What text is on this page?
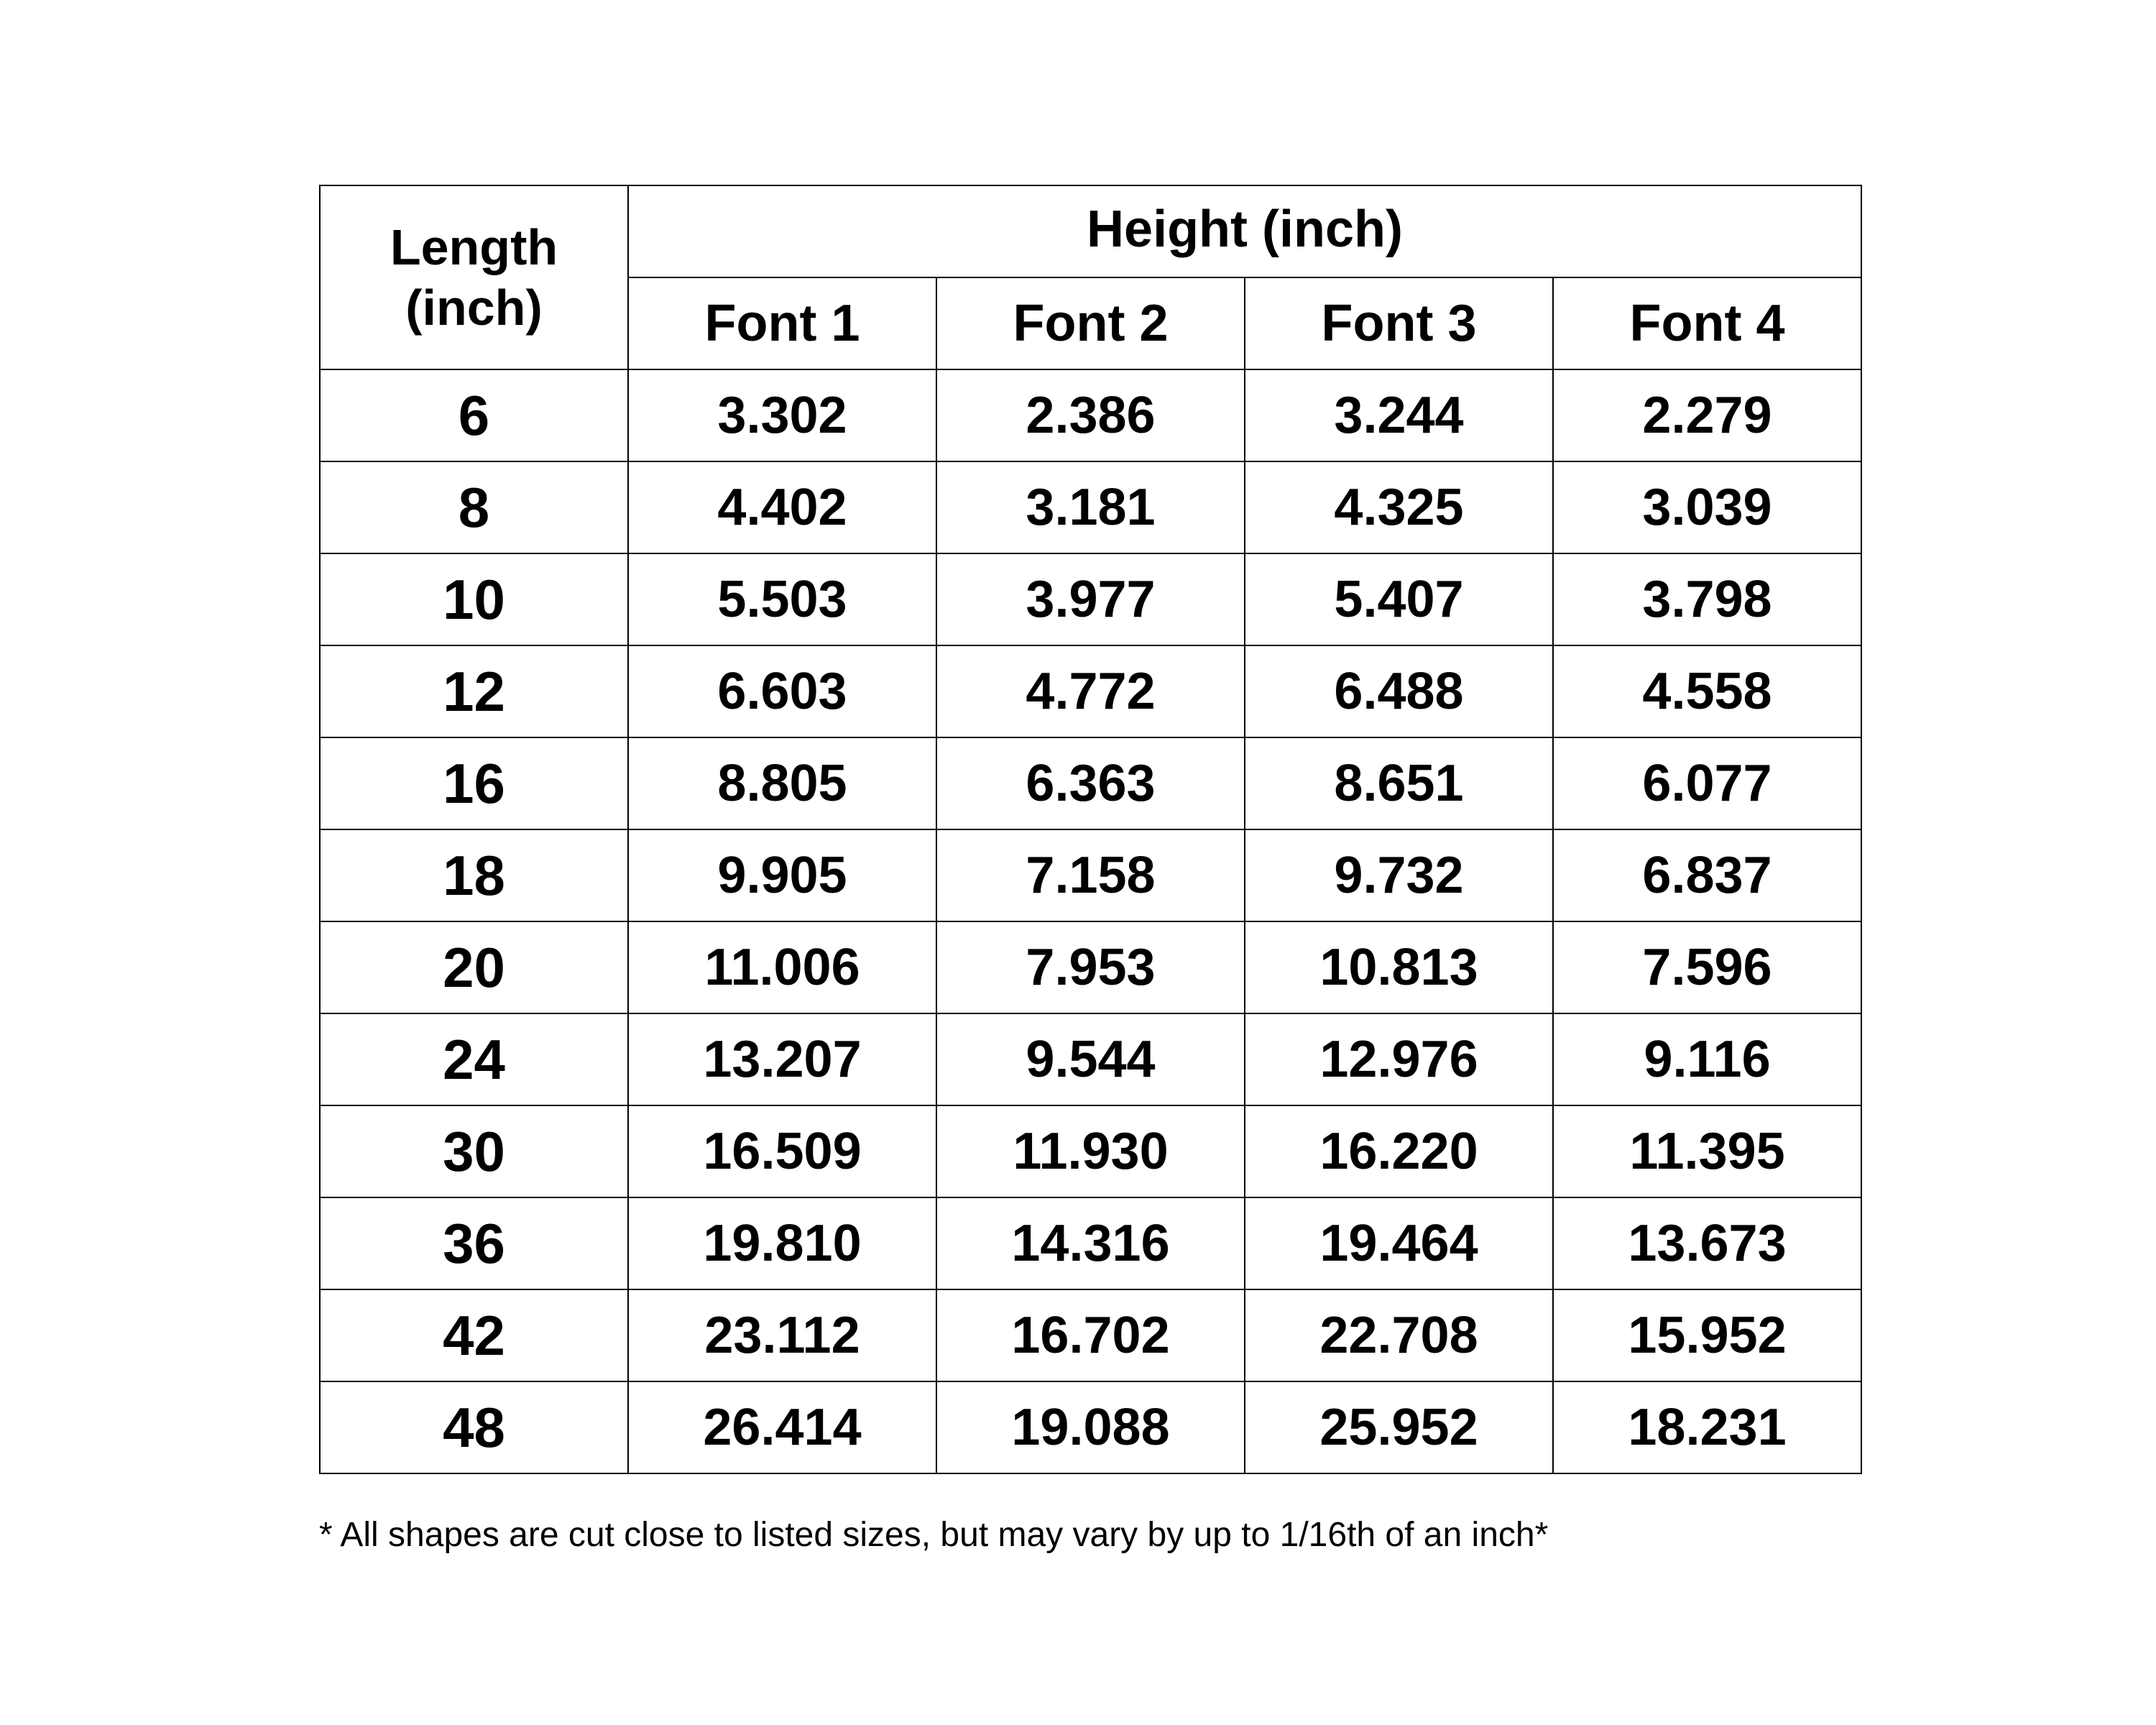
Length
(inch)	Height (inch)			
	Font 1	Font 2	Font 3	Font 4
6	3.302	2.386	3.244	2.279
8	4.402	3.181	4.325	3.039
10	5.503	3.977	5.407	3.798
12	6.603	4.772	6.488	4.558
16	8.805	6.363	8.651	6.077
18	9.905	7.158	9.732	6.837
20	11.006	7.953	10.813	7.596
24	13.207	9.544	12.976	9.116
30	16.509	11.930	16.220	11.395
36	19.810	14.316	19.464	13.673
42	23.112	16.702	22.708	15.952
48	26.414	19.088	25.952	18.231
* All shapes are cut close to listed sizes, but may vary by up to 1/16th of an inch*
